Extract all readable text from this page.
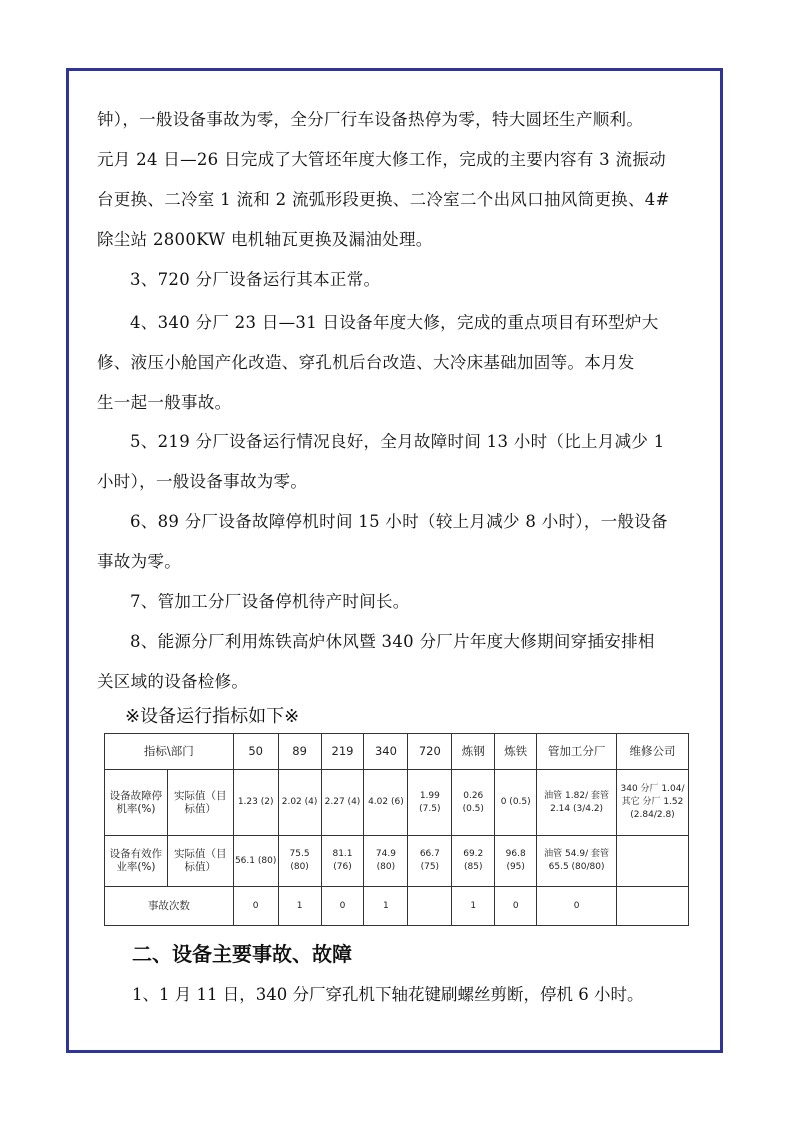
钟），一般设备事故为零，全分厂行车设备热停为零，特大圆坯生产顺利。

元月 24 日—26 日完成了大管坯年度大修工作，完成的主要内容有 3 流振动

台更换、二冷室 1 流和 2 流弧形段更换、二冷室二个出风口抽风筒更换、4#

除尘站 2800KW 电机轴瓦更换及漏油处理。

3、720 分厂设备运行其本正常。

4、340 分厂 23 日—31 日设备年度大修，完成的重点项目有环型炉大

修、液压小舱国产化改造、穿孔机后台改造、大冷床基础加固等。本月发

生一起一般事故。

5、219 分厂设备运行情况良好，全月故障时间 13 小时（比上月减少 1

小时），一般设备事故为零。

6、89 分厂设备故障停机时间 15 小时（较上月减少 8 小时），一般设备

事故为零。

7、管加工分厂设备停机待产时间长。

8、能源分厂利用炼铁高炉休风暨 340 分厂片年度大修期间穿插安排相

关区域的设备检修。

※设备运行指标如下※

指标\部门		50	89	219	340	720	炼钢	炼铁	管加工分厂	维修公司
设备故障停机率(%)	实际值（目标值）	1.23 (2)	2.02 (4)	2.27 (4)	4.02 (6)	1.99 (7.5)	0.26 (0.5)	0 (0.5)	油管 1.82/ 套管 2.14 (3/4.2)	340 分厂 1.04/其它 分厂 1.52 (2.84/2.8)
设备有效作业率(%)	实际值（目标值）	56.1 (80)	75.5 (80)	81.1 (76)	74.9 (80)	66.7 (75)	69.2 (85)	96.8 (95)	油管 54.9/ 套管 65.5 (80/80)	
事故次数		0	1	0	1		1	0	0	

二、设备主要事故、故障

1、1 月 11 日，340 分厂穿孔机下轴花键刷螺丝剪断，停机 6 小时。
